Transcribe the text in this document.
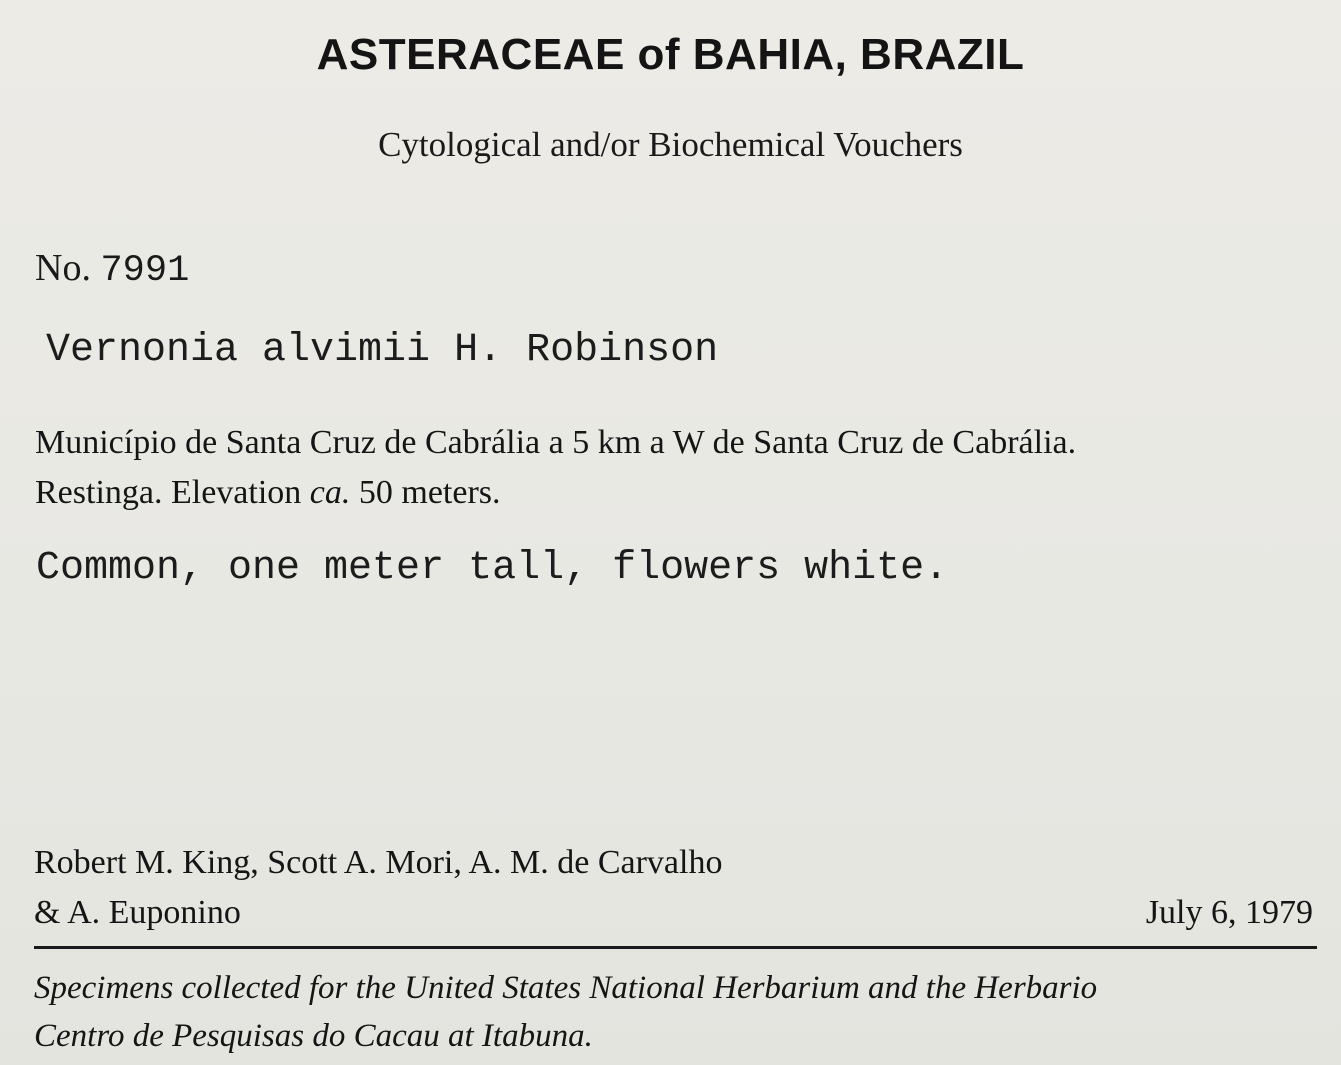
ASTERACEAE of BAHIA, BRAZIL
Cytological and/or Biochemical Vouchers
No. 7991
Vernonia alvimii H. Robinson
Município de Santa Cruz de Cabrália a 5 km a W de Santa Cruz de Cabrália.
Restinga. Elevation ca. 50 meters.
Common, one meter tall, flowers white.
Robert M. King, Scott A. Mori, A. M. de Carvalho
& A. Euponino	July 6, 1979
Specimens collected for the United States National Herbarium and the Herbario
Centro de Pesquisas do Cacau at Itabuna.
